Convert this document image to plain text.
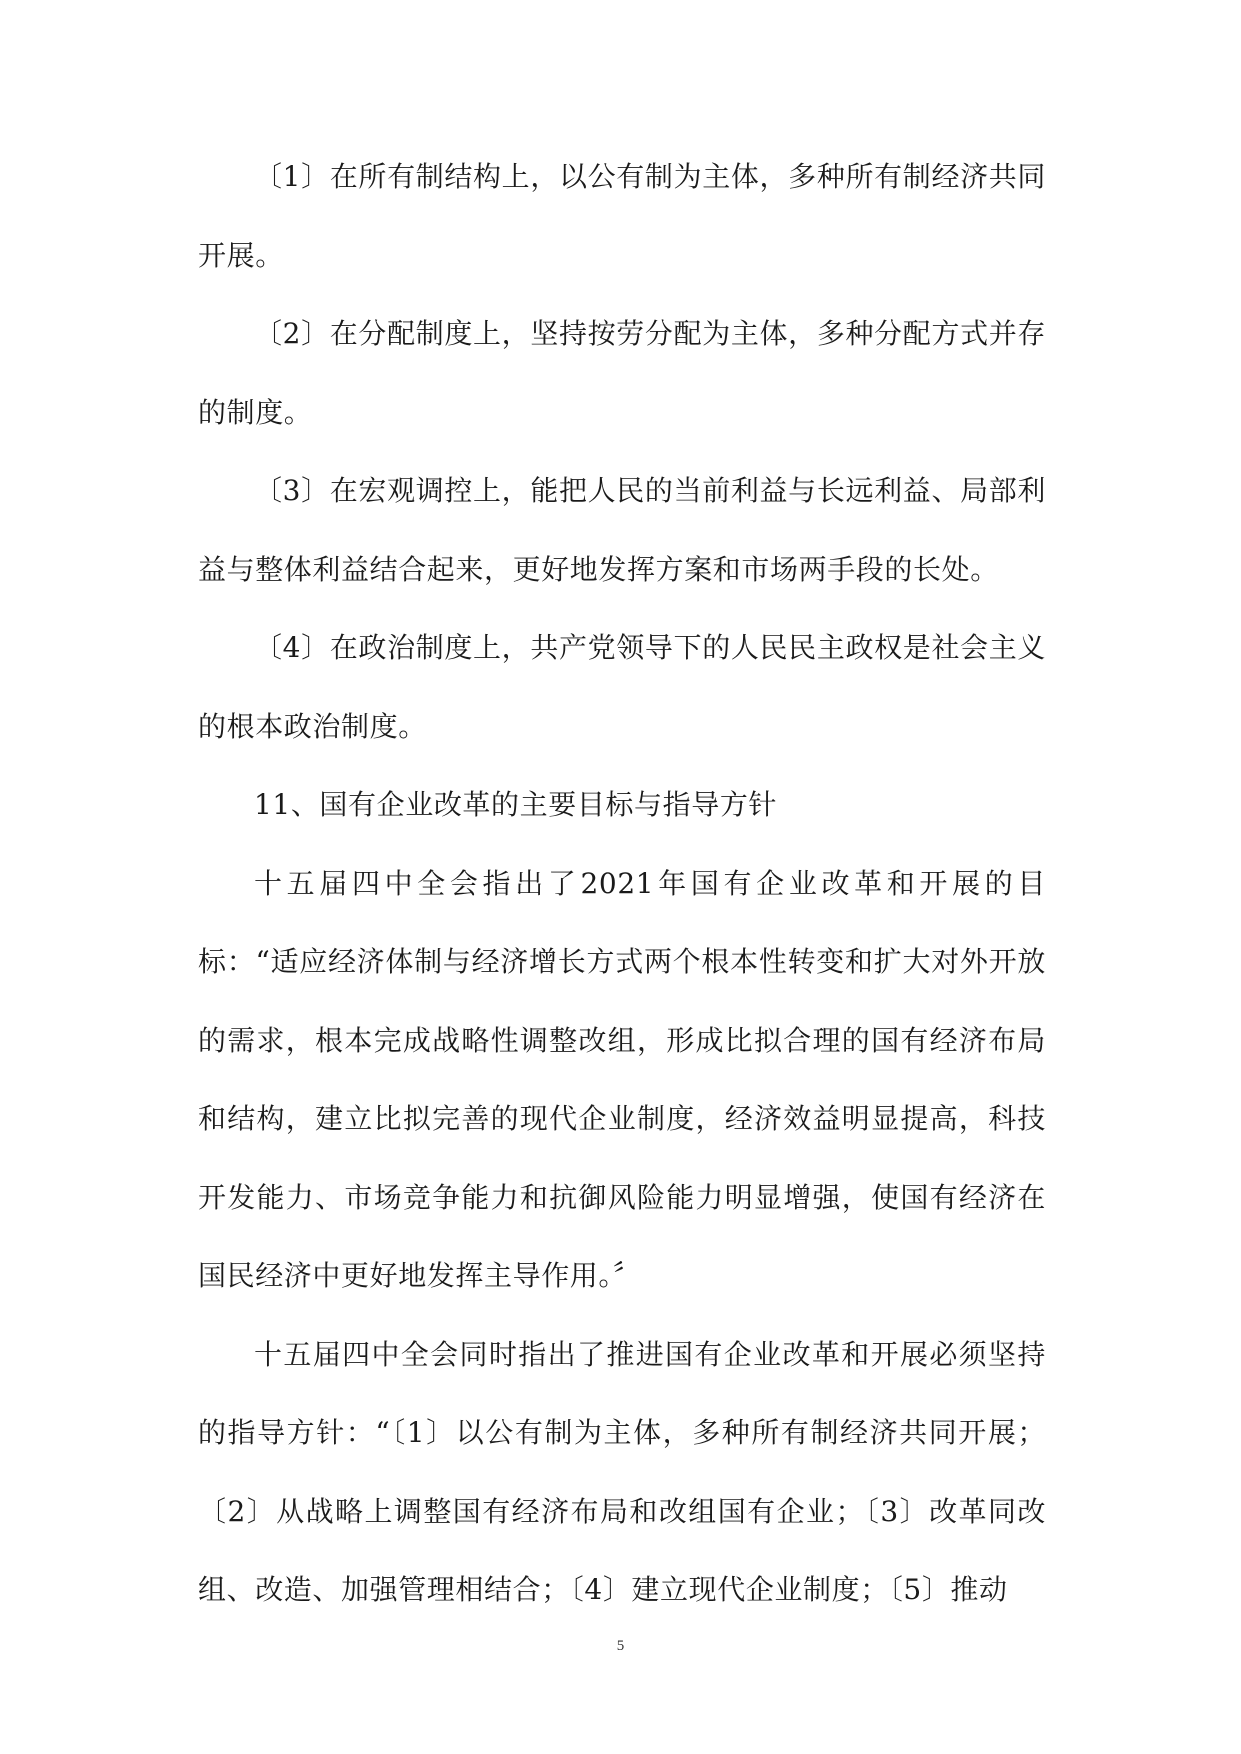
〔1〕在所有制结构上，以公有制为主体，多种所有制经济共同开展。

〔2〕在分配制度上，坚持按劳分配为主体，多种分配方式并存的制度。

〔3〕在宏观调控上，能把人民的当前利益与长远利益、局部利益与整体利益结合起来，更好地发挥方案和市场两手段的长处。

〔4〕在政治制度上，共产党领导下的人民民主政权是社会主义的根本政治制度。

11、国有企业改革的主要目标与指导方针

十五届四中全会指出了2021年国有企业改革和开展的目标：“适应经济体制与经济增长方式两个根本性转变和扩大对外开放的需求，根本完成战略性调整改组，形成比拟合理的国有经济布局和结构，建立比拟完善的现代企业制度，经济效益明显提高，科技开发能力、市场竞争能力和抗御风险能力明显增强，使国有经济在国民经济中更好地发挥主导作用。〞

十五届四中全会同时指出了推进国有企业改革和开展必须坚持的指导方针：“〔1〕以公有制为主体，多种所有制经济共同开展；〔2〕从战略上调整国有经济布局和改组国有企业；〔3〕改革同改组、改造、加强管理相结合；〔4〕建立现代企业制度；〔5〕推动

5
